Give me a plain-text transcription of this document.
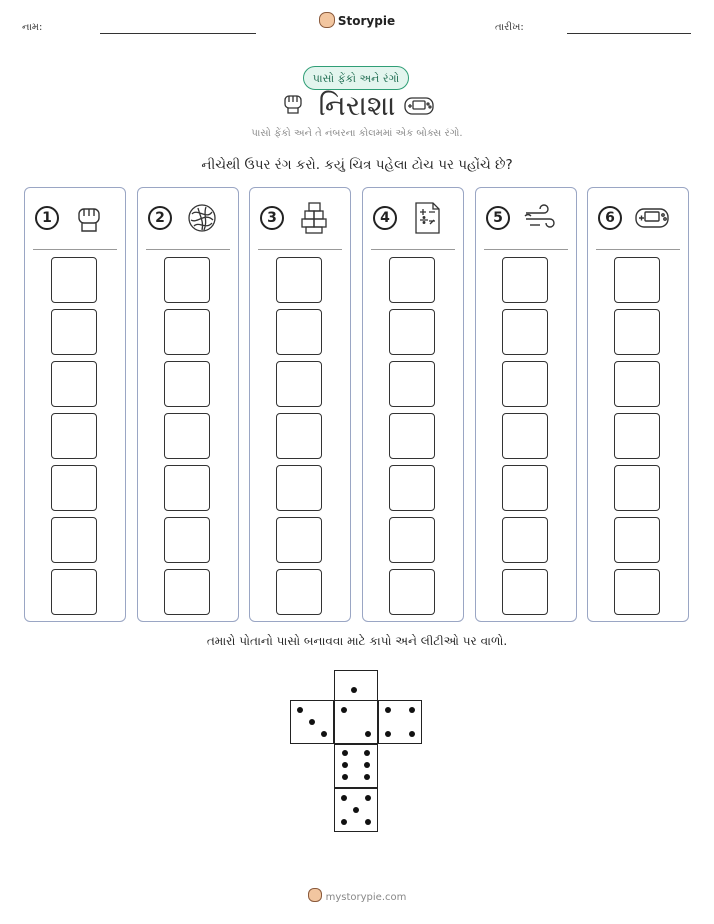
નામ:	Storypie	તારીખ:
પાસો ફેંકો અને રંગો
નિરાશા
પાસો ફેંકો અને તે નંબરના કોલમમાં એક બોક્સ રંગો.
નીચેથી ઉપર રંગ કરો. કયું ચિત્ર પહેલા ટોચ પર પહોંચે છે?
1	2	3	4	5	6
તમારો પોતાનો પાસો બનાવવા માટે કાપો અને લીટીઓ પર વાળો.
mystorypie.com
